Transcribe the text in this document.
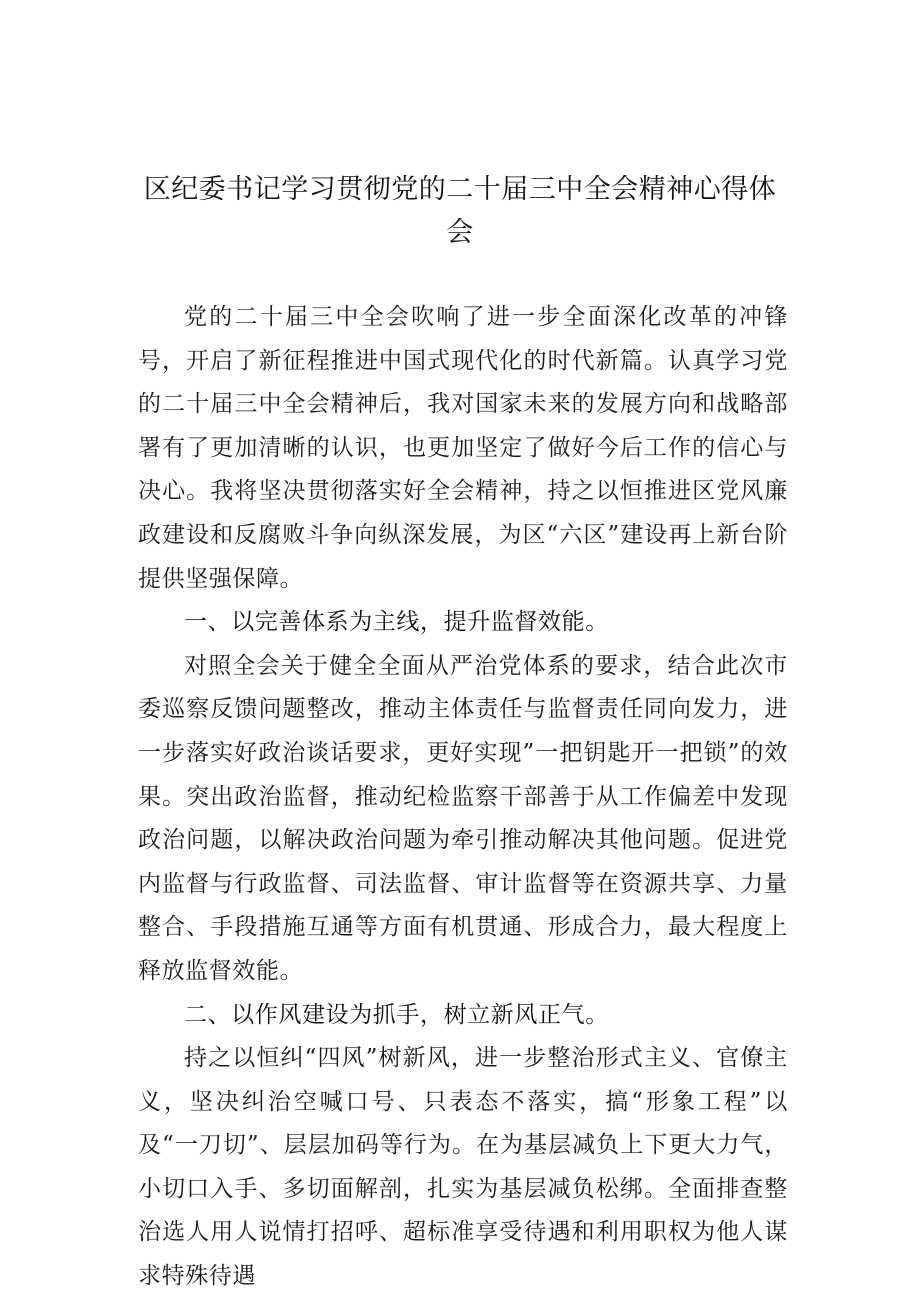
区纪委书记学习贯彻党的二十届三中全会精神心得体
会

党的二十届三中全会吹响了进一步全面深化改革的冲锋号，开启了新征程推进中国式现代化的时代新篇。认真学习党的二十届三中全会精神后，我对国家未来的发展方向和战略部署有了更加清晰的认识，也更加坚定了做好今后工作的信心与决心。我将坚决贯彻落实好全会精神，持之以恒推进区党风廉政建设和反腐败斗争向纵深发展，为区“六区”建设再上新台阶提供坚强保障。

一、以完善体系为主线，提升监督效能。

对照全会关于健全全面从严治党体系的要求，结合此次市委巡察反馈问题整改，推动主体责任与监督责任同向发力，进一步落实好政治谈话要求，更好实现”一把钥匙开一把锁”的效果。突出政治监督，推动纪检监察干部善于从工作偏差中发现政治问题，以解决政治问题为牵引推动解决其他问题。促进党内监督与行政监督、司法监督、审计监督等在资源共享、力量整合、手段措施互通等方面有机贯通、形成合力，最大程度上释放监督效能。

二、以作风建设为抓手，树立新风正气。

持之以恒纠“四风”树新风，进一步整治形式主义、官僚主义，坚决纠治空喊口号、只表态不落实，搞“形象工程”以及“一刀切”、层层加码等行为。在为基层减负上下更大力气，小切口入手、多切面解剖，扎实为基层减负松绑。全面排查整治选人用人说情打招呼、超标准享受待遇和利用职权为他人谋求特殊待遇
